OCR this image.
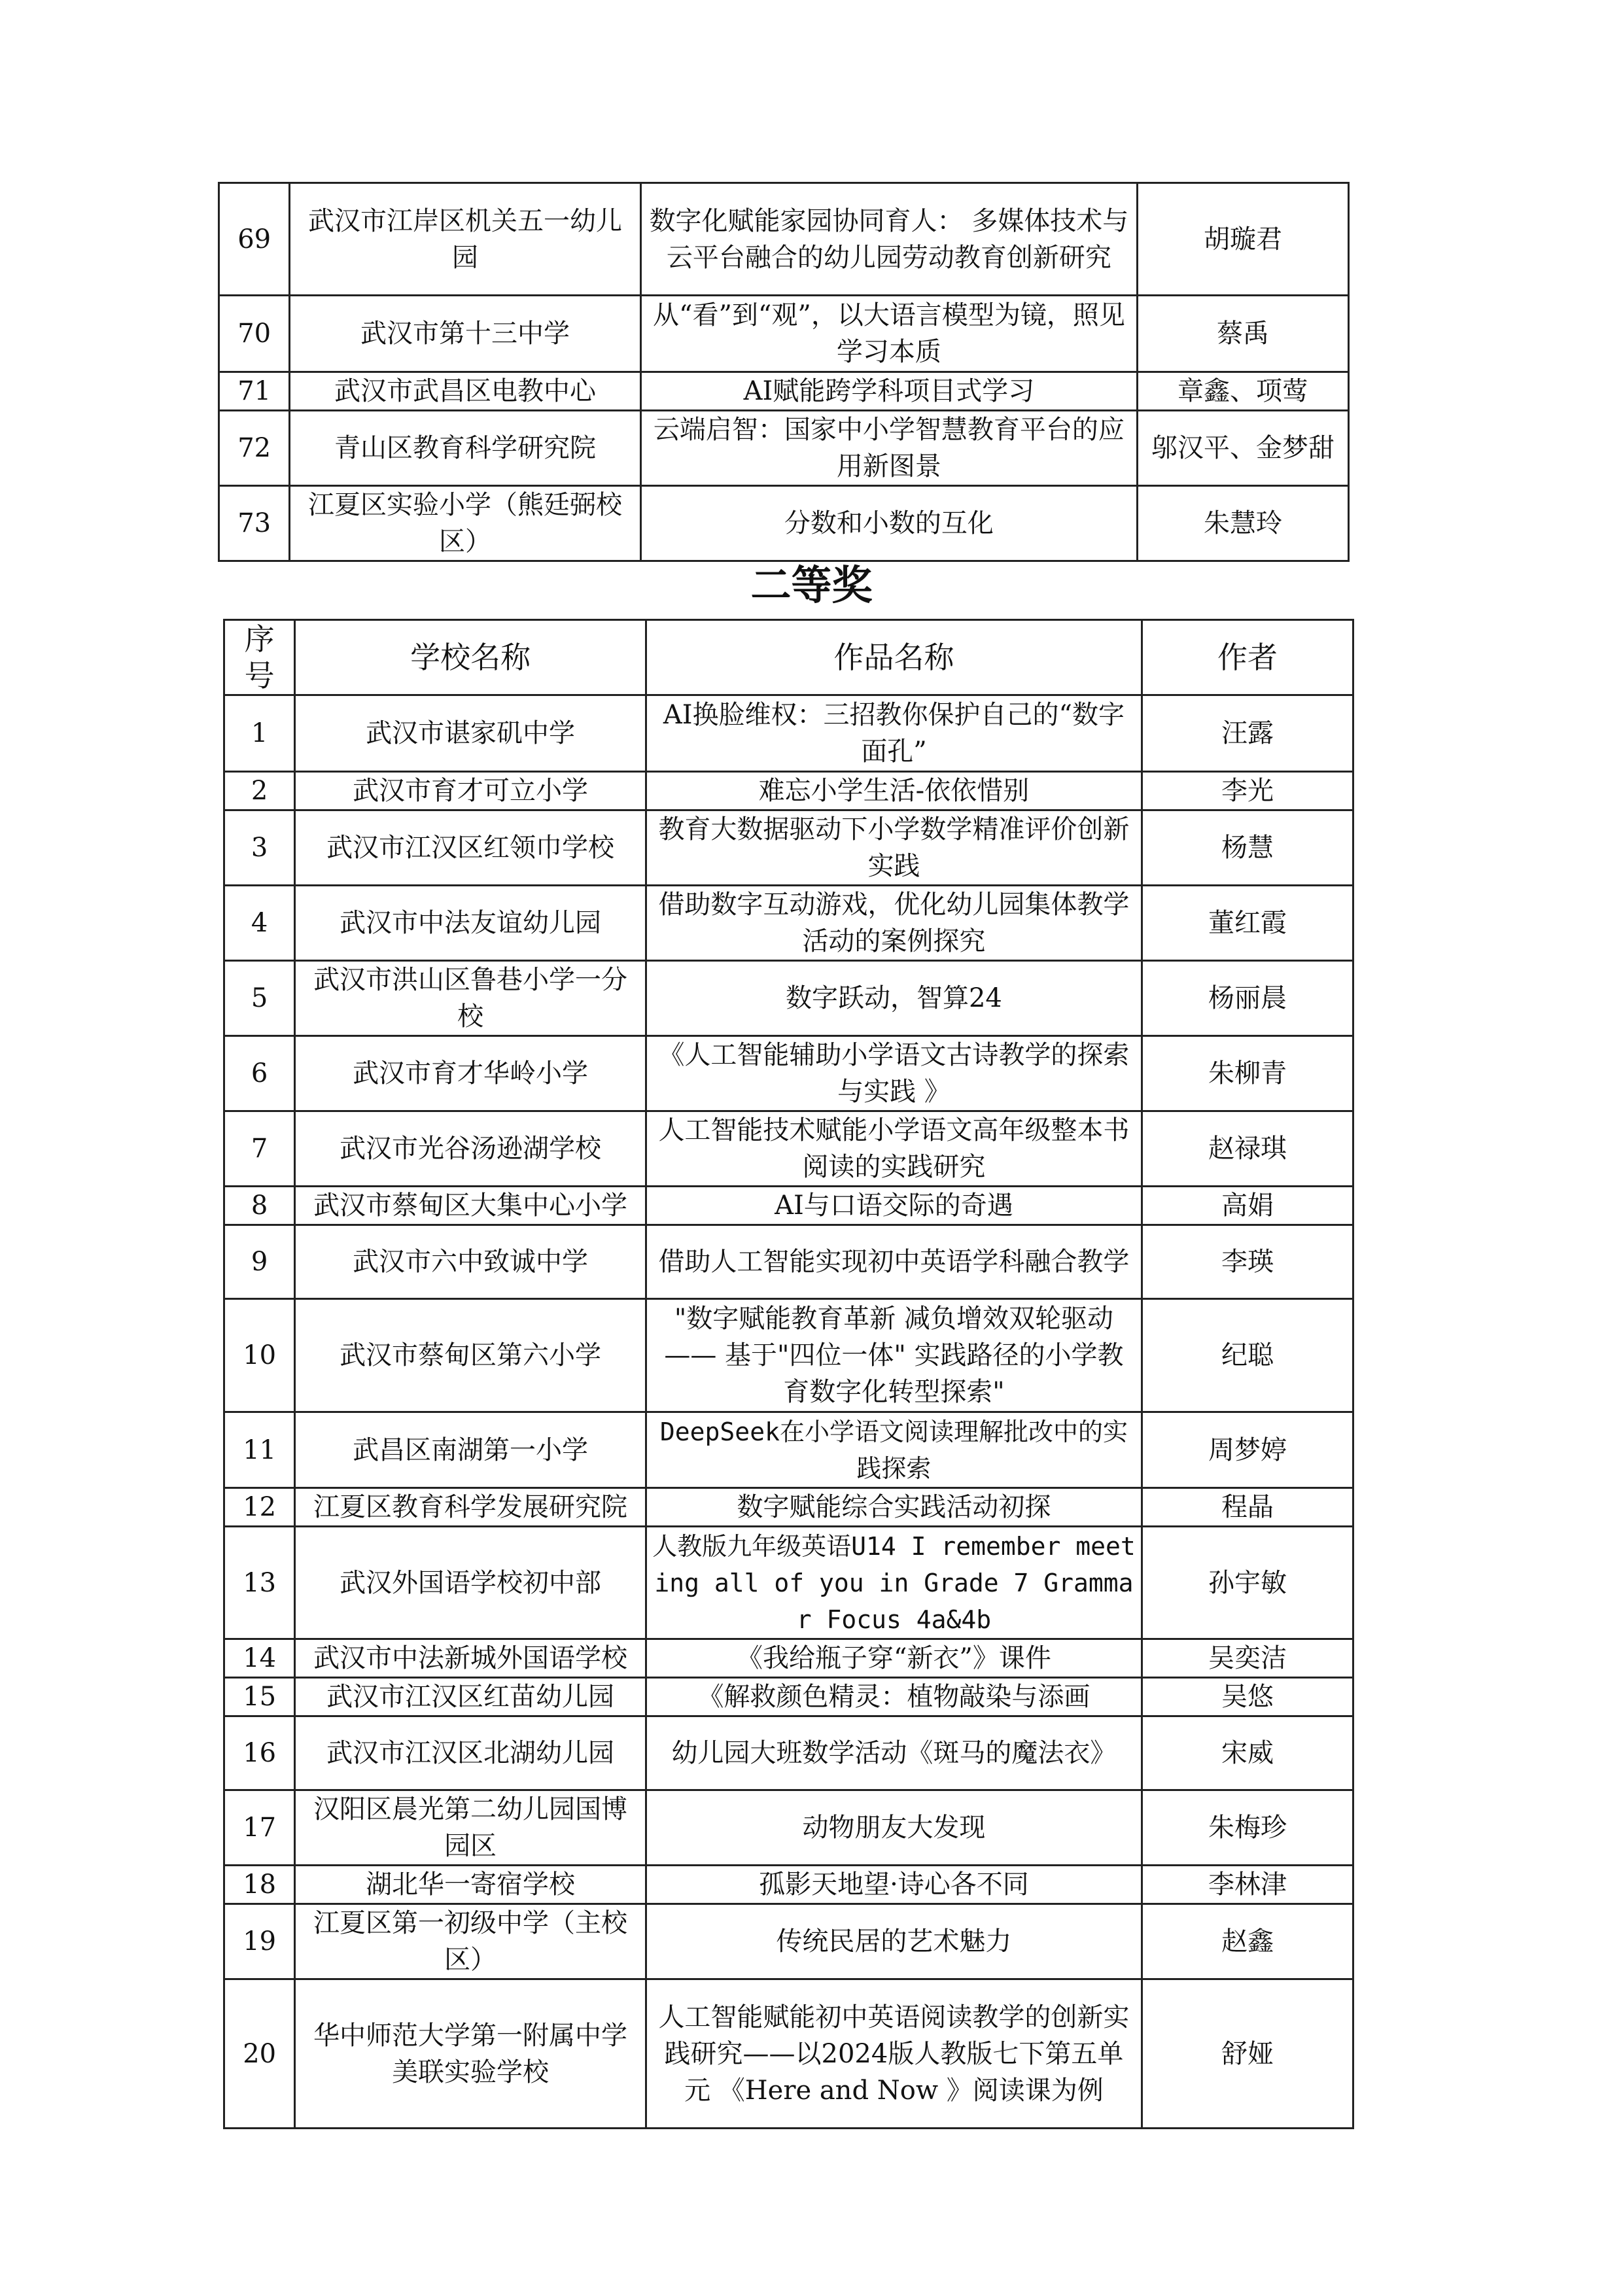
69	武汉市江岸区机关五一幼儿园	数字化赋能家园协同育人： 多媒体技术与云平台融合的幼儿园劳动教育创新研究	胡璇君
70	武汉市第十三中学	从“看”到“观”，以大语言模型为镜，照见学习本质	蔡禹
71	武汉市武昌区电教中心	AI赋能跨学科项目式学习	章鑫、项莺
72	青山区教育科学研究院	云端启智：国家中小学智慧教育平台的应用新图景	邬汉平、金梦甜
73	江夏区实验小学（熊廷弼校区）	分数和小数的互化	朱慧玲
二等奖
序号	学校名称	作品名称	作者
1	武汉市谌家矶中学	AI换脸维权：三招教你保护自己的“数字面孔”	汪露
2	武汉市育才可立小学	难忘小学生活-依依惜别	李光
3	武汉市江汉区红领巾学校	教育大数据驱动下小学数学精准评价创新实践	杨慧
4	武汉市中法友谊幼儿园	借助数字互动游戏，优化幼儿园集体教学活动的案例探究	董红霞
5	武汉市洪山区鲁巷小学一分校	数字跃动，智算24	杨丽晨
6	武汉市育才华岭小学	《人工智能辅助小学语文古诗教学的探索与实践 》	朱柳青
7	武汉市光谷汤逊湖学校	人工智能技术赋能小学语文高年级整本书阅读的实践研究	赵禄琪
8	武汉市蔡甸区大集中心小学	AI与口语交际的奇遇	高娟
9	武汉市六中致诚中学	借助人工智能实现初中英语学科融合教学	李瑛
10	武汉市蔡甸区第六小学	"数字赋能教育革新 减负增效双轮驱动 —— 基于"四位一体" 实践路径的小学教育数字化转型探索"	纪聪
11	武昌区南湖第一小学	DeepSeek在小学语文阅读理解批改中的实践探索	周梦婷
12	江夏区教育科学发展研究院	数字赋能综合实践活动初探	程晶
13	武汉外国语学校初中部	人教版九年级英语U14 I remember meeting all of you in Grade 7 Grammar Focus 4a&4b	孙宇敏
14	武汉市中法新城外国语学校	《我给瓶子穿“新衣”》课件	吴奕洁
15	武汉市江汉区红苗幼儿园	《解救颜色精灵：植物敲染与添画	吴悠
16	武汉市江汉区北湖幼儿园	幼儿园大班数学活动《斑马的魔法衣》	宋威
17	汉阳区晨光第二幼儿园国博园区	动物朋友大发现	朱梅珍
18	湖北华一寄宿学校	孤影天地望·诗心各不同	李林津
19	江夏区第一初级中学（主校区）	传统民居的艺术魅力	赵鑫
20	华中师范大学第一附属中学美联实验学校	人工智能赋能初中英语阅读教学的创新实践研究——以2024版人教版七下第五单元 《Here and Now 》阅读课为例	舒娅
